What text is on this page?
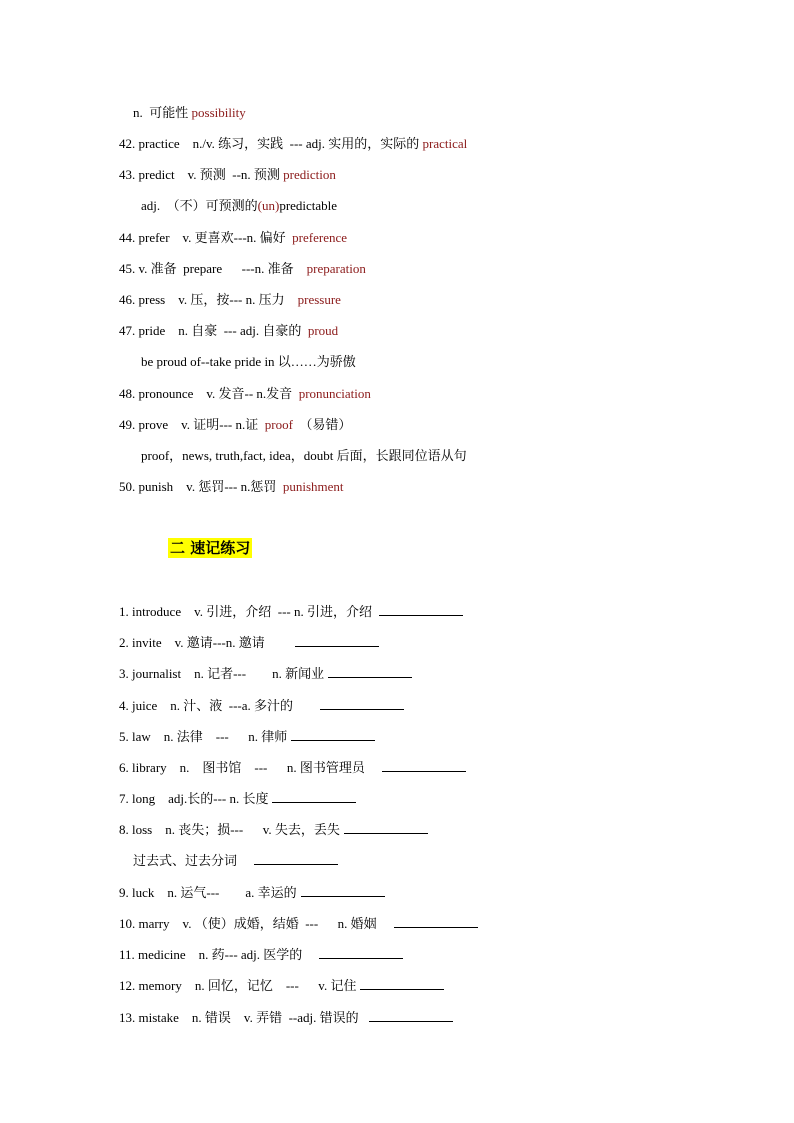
n.  可能性 possibility
42. practice    n./v. 练习，实践  --- adj. 实用的，实际的 practical
43. predict    v. 预测  --n. 预测 prediction
adj.  （不）可预测的(un)predictable
44. prefer    v. 更喜欢---n. 偏好  preference
45. v. 准备  prepare      ---n. 准备    preparation
46. press    v. 压，按--- n. 压力    pressure
47. pride    n. 自豪  --- adj. 自豪的  proud
be proud of--take pride in 以……为骄傲
48. pronounce    v. 发音-- n.发音  pronunciation
49. prove    v. 证明--- n.证  proof  （易错）
proof，news, truth,fact, idea，doubt 后面，长跟同位语从句
50. punish    v. 惩罚--- n.惩罚  punishment
二 速记练习
1. introduce    v. 引进，介绍  --- n. 引进，介绍
2. invite    v. 邀请---n. 邀请
3. journalist    n. 记者---        n. 新闻业
4. juice    n. 汁、液  ---a. 多汁的
5. law    n. 法律    ---      n. 律师
6. library    n.    图书馆    ---      n. 图书管理员
7. long    adj.长的--- n. 长度
8. loss    n. 丧失；损---      v. 失去，丢失
过去式、过去分词
9. luck    n. 运气---        a. 幸运的
10. marry    v. （使）成婚，结婚  ---      n. 婚姻
11. medicine    n. 药--- adj. 医学的
12. memory    n. 回忆，记忆    ---      v. 记住
13. mistake    n. 错误    v. 弄错  --adj. 错误的
